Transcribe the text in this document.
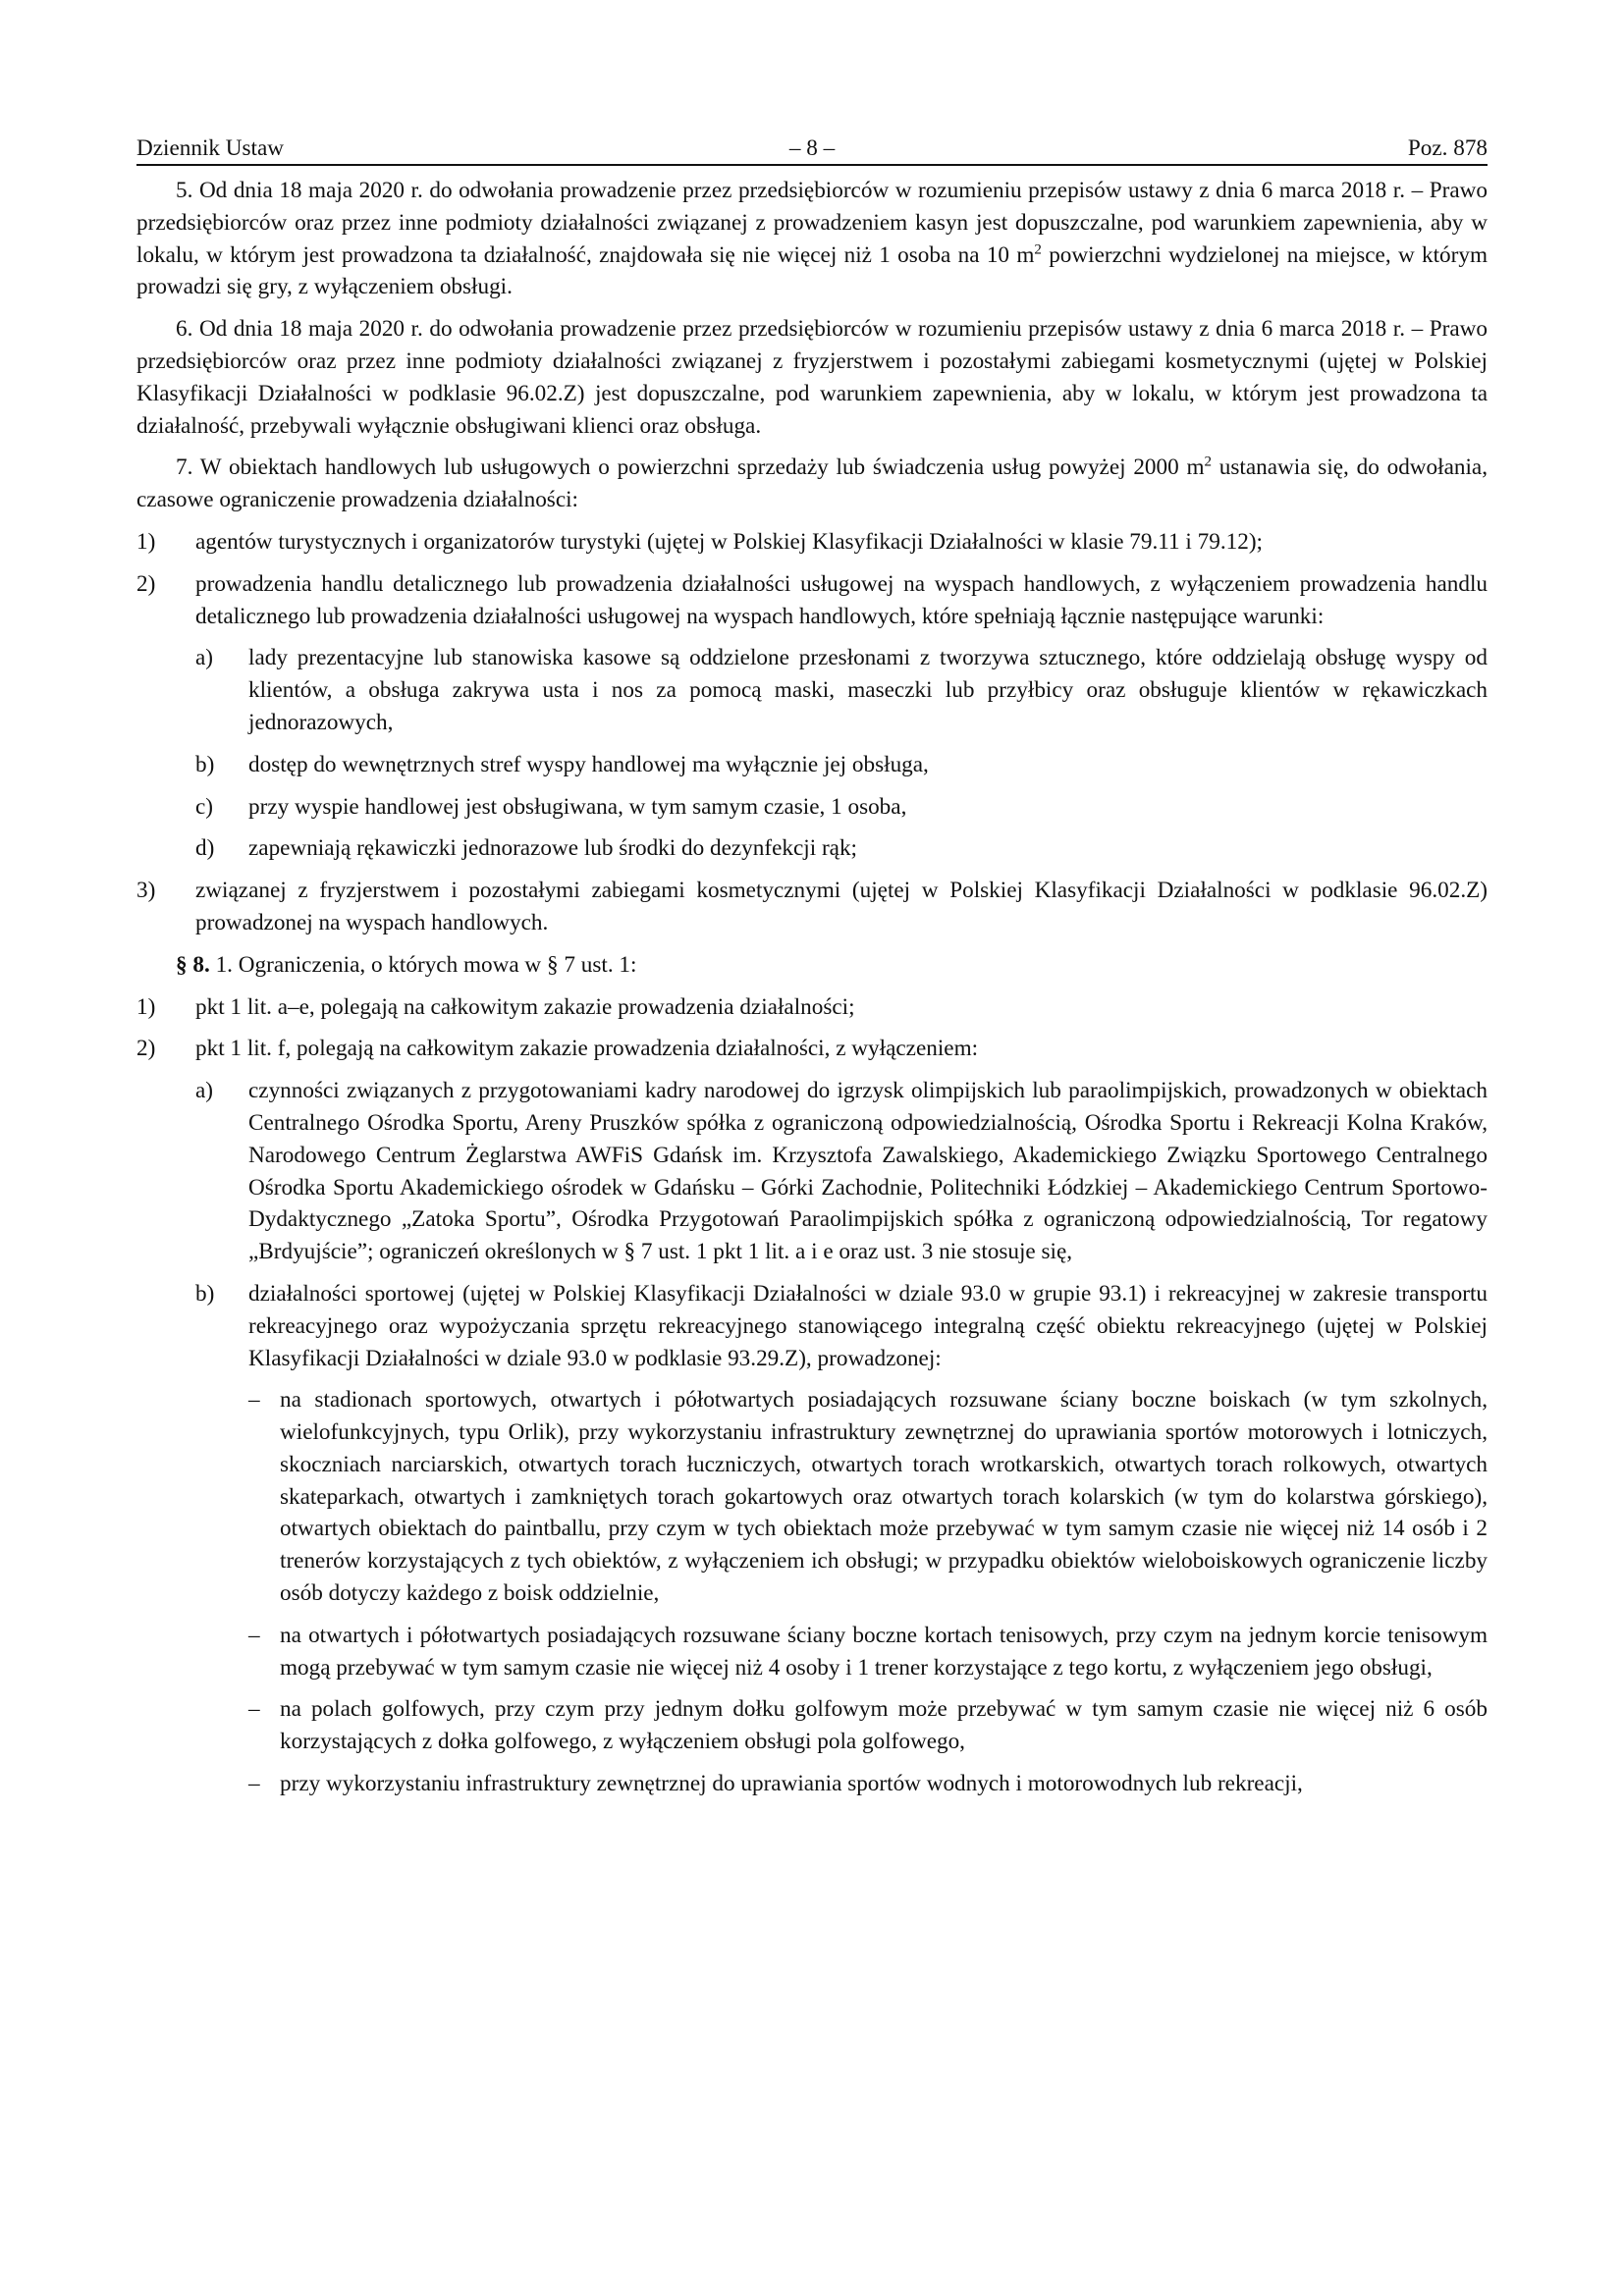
Dziennik Ustaw	– 8 –	Poz. 878

5. Od dnia 18 maja 2020 r. do odwołania prowadzenie przez przedsiębiorców w rozumieniu przepisów ustawy z dnia 6 marca 2018 r. – Prawo przedsiębiorców oraz przez inne podmioty działalności związanej z prowadzeniem kasyn jest dopuszczalne, pod warunkiem zapewnienia, aby w lokalu, w którym jest prowadzona ta działalność, znajdowała się nie więcej niż 1 osoba na 10 $m^2$ powierzchni wydzielonej na miejsce, w którym prowadzi się gry, z wyłączeniem obsługi.

6. Od dnia 18 maja 2020 r. do odwołania prowadzenie przez przedsiębiorców w rozumieniu przepisów ustawy z dnia 6 marca 2018 r. – Prawo przedsiębiorców oraz przez inne podmioty działalności związanej z fryzjerstwem i pozostałymi zabiegami kosmetycznymi (ujętej w Polskiej Klasyfikacji Działalności w podklasie 96.02.Z) jest dopuszczalne, pod warunkiem zapewnienia, aby w lokalu, w którym jest prowadzona ta działalność, przebywali wyłącznie obsługiwani klienci oraz obsługa.

7. W obiektach handlowych lub usługowych o powierzchni sprzedaży lub świadczenia usług powyżej 2000 $m^2$ ustanawia się, do odwołania, czasowe ograniczenie prowadzenia działalności:

1)	agentów turystycznych i organizatorów turystyki (ujętej w Polskiej Klasyfikacji Działalności w klasie 79.11 i 79.12);
2)	prowadzenia handlu detalicznego lub prowadzenia działalności usługowej na wyspach handlowych, z wyłączeniem prowadzenia handlu detalicznego lub prowadzenia działalności usługowej na wyspach handlowych, które spełniają łącznie następujące warunki:
a)	lady prezentacyjne lub stanowiska kasowe są oddzielone przesłonami z tworzywa sztucznego, które oddzielają obsługę wyspy od klientów, a obsługa zakrywa usta i nos za pomocą maski, maseczki lub przyłbicy oraz obsługuje klientów w rękawiczkach jednorazowych,
b)	dostęp do wewnętrznych stref wyspy handlowej ma wyłącznie jej obsługa,
c)	przy wyspie handlowej jest obsługiwana, w tym samym czasie, 1 osoba,
d)	zapewniają rękawiczki jednorazowe lub środki do dezynfekcji rąk;
3)	związanej z fryzjerstwem i pozostałymi zabiegami kosmetycznymi (ujętej w Polskiej Klasyfikacji Działalności w podklasie 96.02.Z) prowadzonej na wyspach handlowych.

§ 8. 1. Ograniczenia, o których mowa w § 7 ust. 1:

1)	pkt 1 lit. a–e, polegają na całkowitym zakazie prowadzenia działalności;
2)	pkt 1 lit. f, polegają na całkowitym zakazie prowadzenia działalności, z wyłączeniem:
a)	czynności związanych z przygotowaniami kadry narodowej do igrzysk olimpijskich lub paraolimpijskich, prowadzonych w obiektach Centralnego Ośrodka Sportu, Areny Pruszków spółka z ograniczoną odpowiedzialnością, Ośrodka Sportu i Rekreacji Kolna Kraków, Narodowego Centrum Żeglarstwa AWFiS Gdańsk im. Krzysztofa Zawalskiego, Akademickiego Związku Sportowego Centralnego Ośrodka Sportu Akademickiego ośrodek w Gdańsku – Górki Zachodnie, Politechniki Łódzkiej – Akademickiego Centrum Sportowo-Dydaktycznego „Zatoka Sportu”, Ośrodka Przygotowań Paraolimpijskich spółka z ograniczoną odpowiedzialnością, Tor regatowy „Brdyujście”; ograniczeń określonych w § 7 ust. 1 pkt 1 lit. a i e oraz ust. 3 nie stosuje się,
b)	działalności sportowej (ujętej w Polskiej Klasyfikacji Działalności w dziale 93.0 w grupie 93.1) i rekreacyjnej w zakresie transportu rekreacyjnego oraz wypożyczania sprzętu rekreacyjnego stanowiącego integralną część obiektu rekreacyjnego (ujętej w Polskiej Klasyfikacji Działalności w dziale 93.0 w podklasie 93.29.Z), prowadzonej:
– na stadionach sportowych, otwartych i półotwartych posiadających rozsuwane ściany boczne boiskach (w tym szkolnych, wielofunkcyjnych, typu Orlik), przy wykorzystaniu infrastruktury zewnętrznej do uprawiania sportów motorowych i lotniczych, skoczniach narciarskich, otwartych torach łuczniczych, otwartych torach wrotkarskich, otwartych torach rolkowych, otwartych skateparkach, otwartych i zamkniętych torach gokartowych oraz otwartych torach kolarskich (w tym do kolarstwa górskiego), otwartych obiektach do paintballu, przy czym w tych obiektach może przebywać w tym samym czasie nie więcej niż 14 osób i 2 trenerów korzystających z tych obiektów, z wyłączeniem ich obsługi; w przypadku obiektów wieloboiskowych ograniczenie liczby osób dotyczy każdego z boisk oddzielnie,
– na otwartych i półotwartych posiadających rozsuwane ściany boczne kortach tenisowych, przy czym na jednym korcie tenisowym mogą przebywać w tym samym czasie nie więcej niż 4 osoby i 1 trener korzystające z tego kortu, z wyłączeniem jego obsługi,
– na polach golfowych, przy czym przy jednym dołku golfowym może przebywać w tym samym czasie nie więcej niż 6 osób korzystających z dołka golfowego, z wyłączeniem obsługi pola golfowego,
– przy wykorzystaniu infrastruktury zewnętrznej do uprawiania sportów wodnych i motorowodnych lub rekreacji,
